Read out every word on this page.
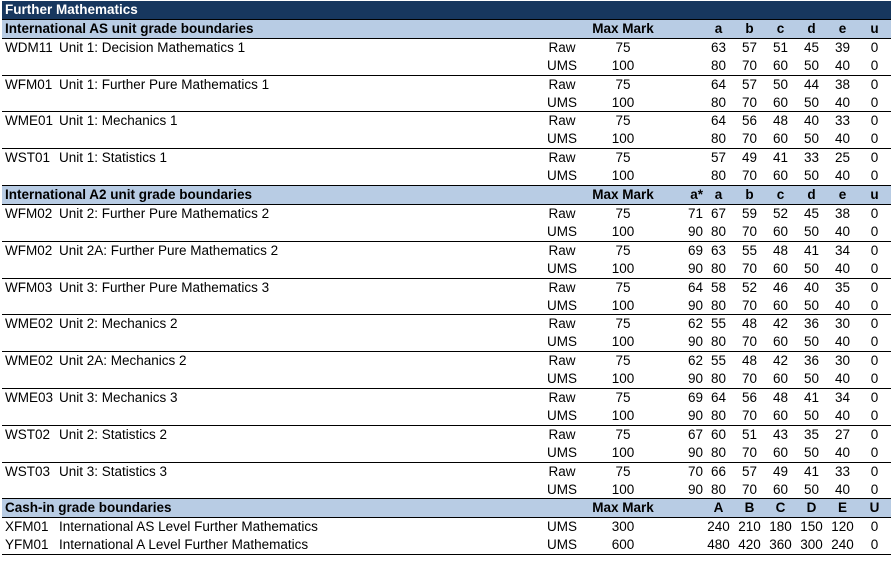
Further Mathematics										
International AS unit grade boundaries			Max Mark		a	b	c	d	e	u
WDM11	Unit 1: Decision Mathematics 1	Raw	75		63	57	51	45	39	0
		UMS	100		80	70	60	50	40	0
WFM01	Unit 1: Further Pure Mathematics 1	Raw	75		64	57	50	44	38	0
		UMS	100		80	70	60	50	40	0
WME01	Unit 1: Mechanics 1	Raw	75		64	56	48	40	33	0
		UMS	100		80	70	60	50	40	0
WST01	Unit 1: Statistics 1	Raw	75		57	49	41	33	25	0
		UMS	100		80	70	60	50	40	0
International A2 unit grade boundaries			Max Mark	a*	a	b	c	d	e	u
WFM02	Unit 2: Further Pure Mathematics 2	Raw	75	71	67	59	52	45	38	0
		UMS	100	90	80	70	60	50	40	0
WFM02	Unit 2A: Further Pure Mathematics 2	Raw	75	69	63	55	48	41	34	0
		UMS	100	90	80	70	60	50	40	0
WFM03	Unit 3: Further Pure Mathematics 3	Raw	75	64	58	52	46	40	35	0
		UMS	100	90	80	70	60	50	40	0
WME02	Unit 2: Mechanics 2	Raw	75	62	55	48	42	36	30	0
		UMS	100	90	80	70	60	50	40	0
WME02	Unit 2A: Mechanics 2	Raw	75	62	55	48	42	36	30	0
		UMS	100	90	80	70	60	50	40	0
WME03	Unit 3: Mechanics 3	Raw	75	69	64	56	48	41	34	0
		UMS	100	90	80	70	60	50	40	0
WST02	Unit 2: Statistics 2	Raw	75	67	60	51	43	35	27	0
		UMS	100	90	80	70	60	50	40	0
WST03	Unit 3: Statistics 3	Raw	75	70	66	57	49	41	33	0
		UMS	100	90	80	70	60	50	40	0
Cash-in grade boundaries			Max Mark		A	B	C	D	E	U
XFM01	International AS Level Further Mathematics	UMS	300		240	210	180	150	120	0
YFM01	International A Level Further Mathematics	UMS	600		480	420	360	300	240	0
